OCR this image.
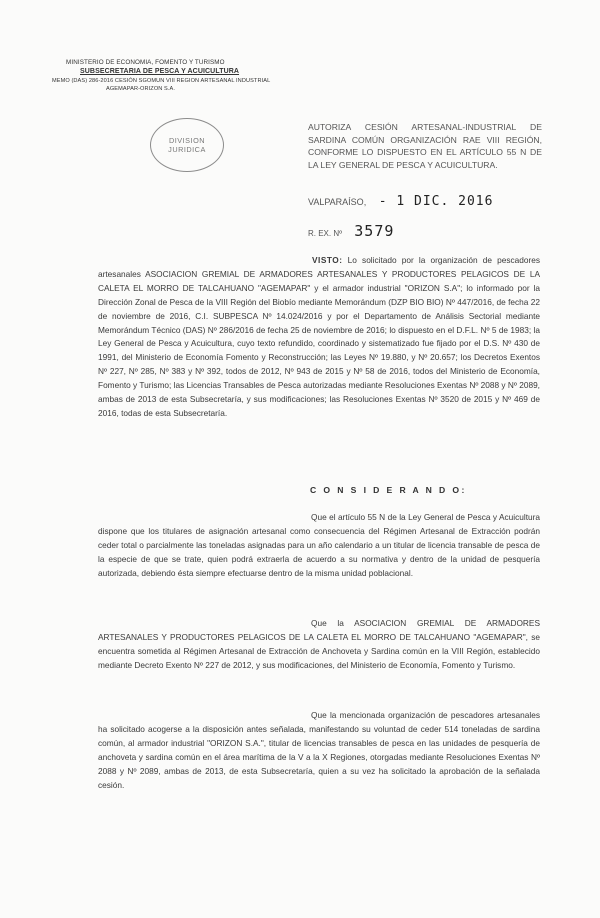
MINISTERIO DE ECONOMIA, FOMENTO Y TURISMO
SUBSECRETARIA DE PESCA Y ACUICULTURA
MEMO (DAS) 286-2016 CESIÓN SGOMUN VIII REGION ARTESANAL INDUSTRIAL
AGEMAPAR-ORIZON S.A.
DIVISION
JURIDICA
AUTORIZA CESIÓN ARTESANAL-INDUSTRIAL DE SARDINA COMÚN ORGANIZACIÓN RAE VIII REGIÓN, CONFORME LO DISPUESTO EN EL ARTÍCULO 55 N DE LA LEY GENERAL DE PESCA Y ACUICULTURA.
VALPARAÍSO, - 1 DIC. 2016
R. EX. Nº 3579
VISTO: Lo solicitado por la organización de pescadores artesanales ASOCIACION GREMIAL DE ARMADORES ARTESANALES Y PRODUCTORES PELAGICOS DE LA CALETA EL MORRO DE TALCAHUANO "AGEMAPAR" y el armador industrial "ORIZON S.A"; lo informado por la Dirección Zonal de Pesca de la VIII Región del Biobío mediante Memorándum (DZP BIO BIO) Nº 447/2016, de fecha 22 de noviembre de 2016, C.I. SUBPESCA Nº 14.024/2016 y por el Departamento de Análisis Sectorial mediante Memorándum Técnico (DAS) Nº 286/2016 de fecha 25 de noviembre de 2016; lo dispuesto en el D.F.L. Nº 5 de 1983; la Ley General de Pesca y Acuicultura, cuyo texto refundido, coordinado y sistematizado fue fijado por el D.S. Nº 430 de 1991, del Ministerio de Economía Fomento y Reconstrucción; las Leyes Nº 19.880, y Nº 20.657; los Decretos Exentos Nº 227, Nº 285, Nº 383 y Nº 392, todos de 2012, Nº 943 de 2015 y Nº 58 de 2016, todos del Ministerio de Economía, Fomento y Turismo; las Licencias Transables de Pesca autorizadas mediante Resoluciones Exentas Nº 2088 y Nº 2089, ambas de 2013 de esta Subsecretaría, y sus modificaciones; las Resoluciones Exentas Nº 3520 de 2015 y Nº 469 de 2016, todas de esta Subsecretaría.
C O N S I D E R A N D O:
Que el artículo 55 N de la Ley General de Pesca y Acuicultura dispone que los titulares de asignación artesanal como consecuencia del Régimen Artesanal de Extracción podrán ceder total o parcialmente las toneladas asignadas para un año calendario a un titular de licencia transable de pesca de la especie de que se trate, quien podrá extraerla de acuerdo a su normativa y dentro de la unidad de pesquería autorizada, debiendo ésta siempre efectuarse dentro de la misma unidad poblacional.
Que la ASOCIACION GREMIAL DE ARMADORES ARTESANALES Y PRODUCTORES PELAGICOS DE LA CALETA EL MORRO DE TALCAHUANO "AGEMAPAR", se encuentra sometida al Régimen Artesanal de Extracción de Anchoveta y Sardina común en la VIII Región, establecido mediante Decreto Exento Nº 227 de 2012, y sus modificaciones, del Ministerio de Economía, Fomento y Turismo.
Que la mencionada organización de pescadores artesanales ha solicitado acogerse a la disposición antes señalada, manifestando su voluntad de ceder 514 toneladas de sardina común, al armador industrial "ORIZON S.A.", titular de licencias transables de pesca en las unidades de pesquería de anchoveta y sardina común en el área marítima de la V a la X Regiones, otorgadas mediante Resoluciones Exentas Nº 2088 y Nº 2089, ambas de 2013, de esta Subsecretaría, quien a su vez ha solicitado la aprobación de la señalada cesión.
